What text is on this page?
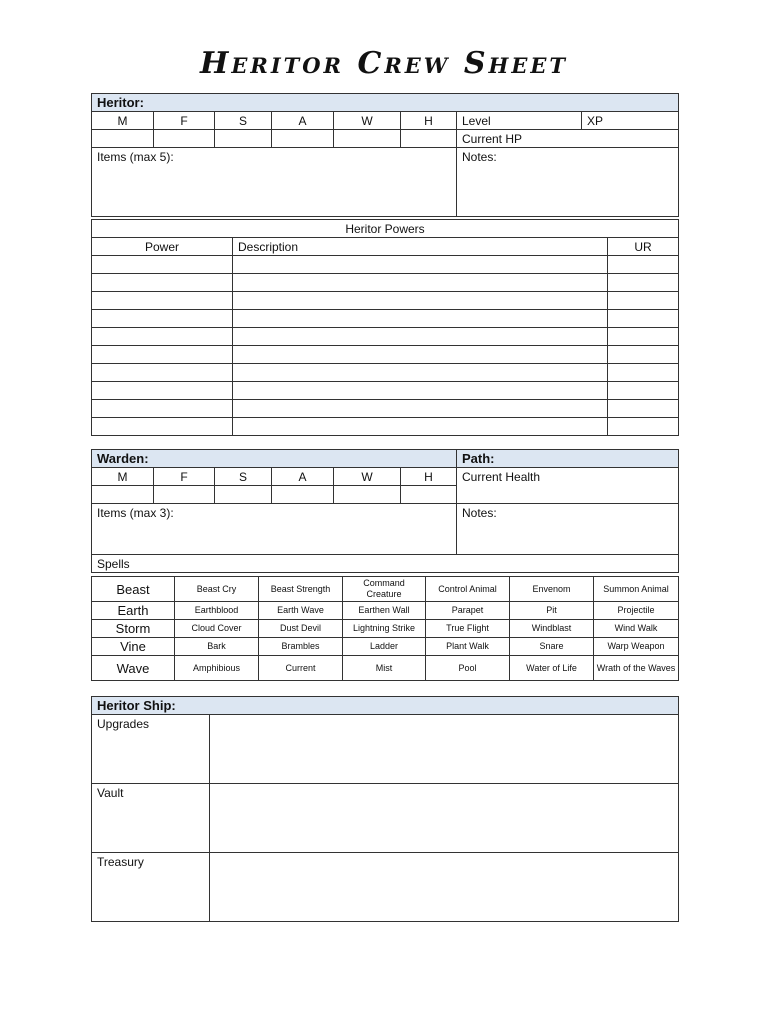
Heritor Crew Sheet
Heritor:							
M	F	S	A	W	H	Level	XP
						Current HP	
Items (max 5):						Notes:	
Heritor Powers		
Power	Description	UR

Warden:						Path:
M	F	S	A	W	H	Current Health

Items (max 3):						Notes:
Spells						
Beast	Beast Cry	Beast Strength	Command Creature	Control Animal	Envenom	Summon Animal
Earth	Earthblood	Earth Wave	Earthen Wall	Parapet	Pit	Projectile
Storm	Cloud Cover	Dust Devil	Lightning Strike	True Flight	Windblast	Wind Walk
Vine	Bark	Brambles	Ladder	Plant Walk	Snare	Warp Weapon
Wave	Amphibious	Current	Mist	Pool	Water of Life	Wrath of the Waves
Heritor Ship:	
Upgrades	
Vault	
Treasury	
